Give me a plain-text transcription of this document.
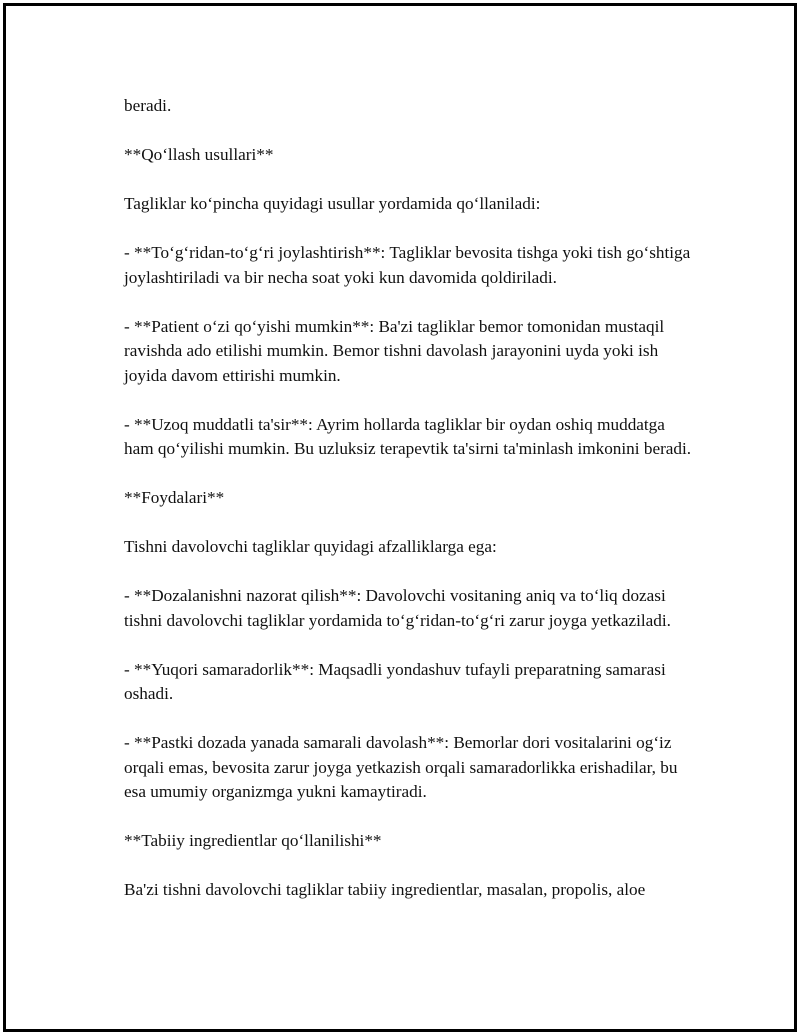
beradi.

**Qo‘llash usullari**

Tagliklar ko‘pincha quyidagi usullar yordamida qo‘llaniladi:

- **To‘g‘ridan-to‘g‘ri joylashtirish**: Tagliklar bevosita tishga yoki tish go‘shtiga joylashtiriladi va bir necha soat yoki kun davomida qoldiriladi.

- **Patient o‘zi qo‘yishi mumkin**: Ba'zi tagliklar bemor tomonidan mustaqil ravishda ado etilishi mumkin. Bemor tishni davolash jarayonini uyda yoki ish joyida davom ettirishi mumkin.

- **Uzoq muddatli ta'sir**: Ayrim hollarda tagliklar bir oydan oshiq muddatga ham qo‘yilishi mumkin. Bu uzluksiz terapevtik ta'sirni ta'minlash imkonini beradi.

**Foydalari**

Tishni davolovchi tagliklar quyidagi afzalliklarga ega:

- **Dozalanishni nazorat qilish**: Davolovchi vositaning aniq va to‘liq dozasi tishni davolovchi tagliklar yordamida to‘g‘ridan-to‘g‘ri zarur joyga yetkaziladi.

- **Yuqori samaradorlik**: Maqsadli yondashuv tufayli preparatning samarasi oshadi.

- **Pastki dozada yanada samarali davolash**: Bemorlar dori vositalarini og‘iz orqali emas, bevosita zarur joyga yetkazish orqali samaradorlikka erishadilar, bu esa umumiy organizmga yukni kamaytiradi.

**Tabiiy ingredientlar qo‘llanilishi**

Ba'zi tishni davolovchi tagliklar tabiiy ingredientlar, masalan, propolis, aloe
